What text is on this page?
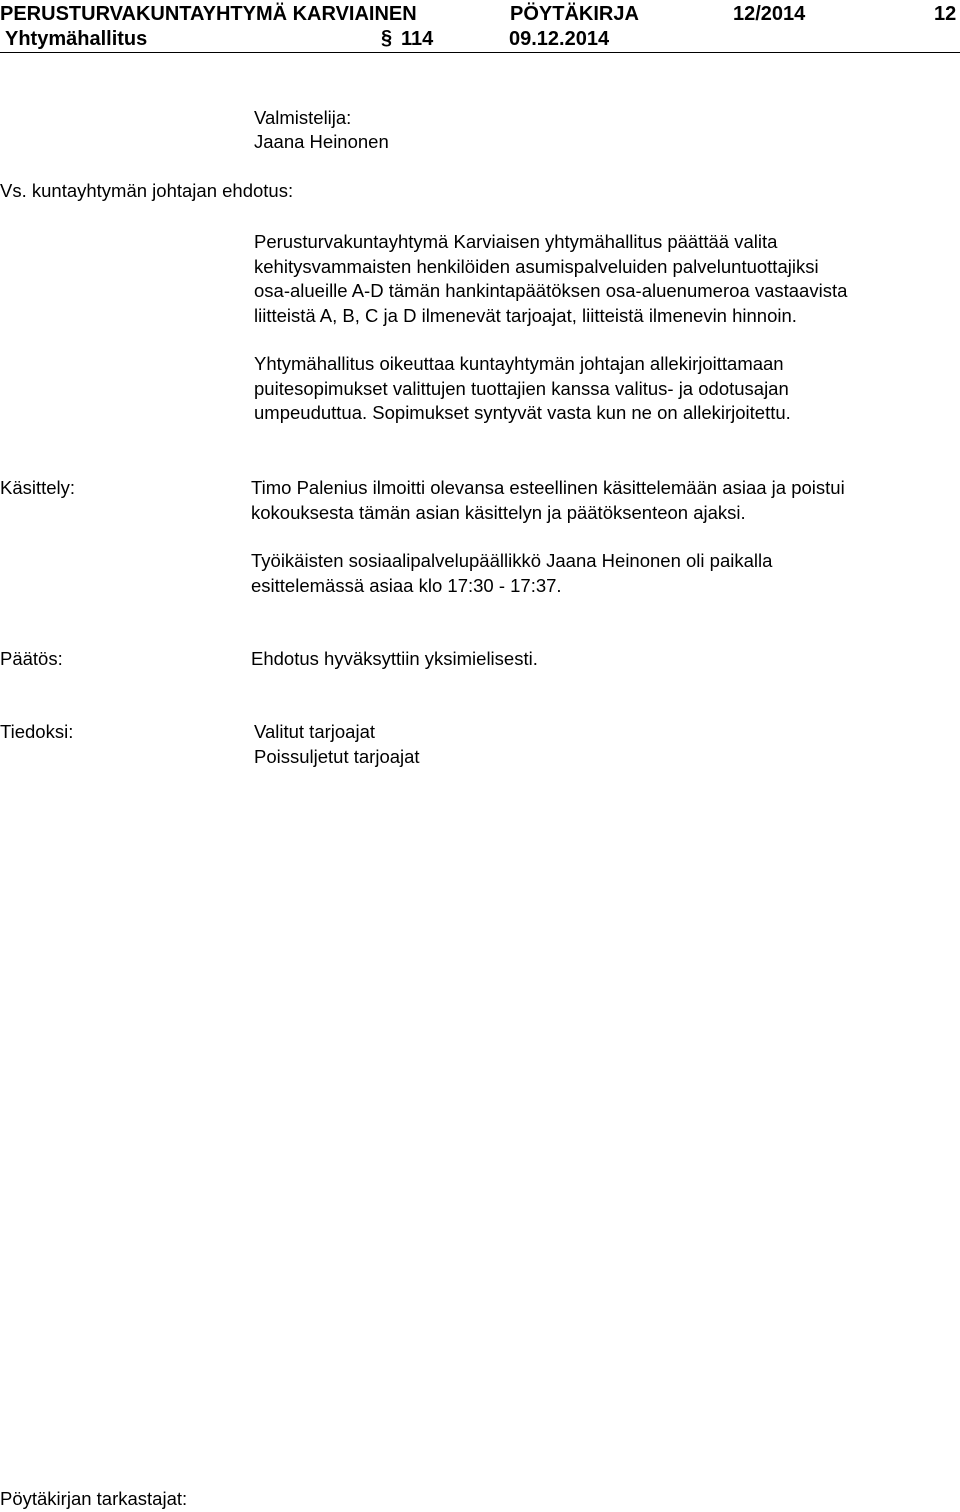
PERUSTURVAKUNTAYHTYMÄ KARVIAINEN	PÖYTÄKIRJA	12/2014	12
Yhtymähallitus	§ 114	09.12.2014
Valmistelija:
Jaana Heinonen
Vs. kuntayhtymän johtajan ehdotus:
Perusturvakuntayhtymä Karviaisen yhtymähallitus päättää valita
kehitysvammaisten henkilöiden asumispalveluiden palveluntuottajiksi
osa-alueille A-D tämän hankintapäätöksen osa-aluenumeroa vastaavista
liitteistä A, B, C ja D ilmenevät tarjoajat, liitteistä ilmenevin hinnoin.
Yhtymähallitus oikeuttaa kuntayhtymän johtajan allekirjoittamaan
puitesopimukset valittujen tuottajien kanssa valitus- ja odotusajan
umpeuduttua. Sopimukset syntyvät vasta kun ne on allekirjoitettu.
Käsittely:	Timo Palenius ilmoitti olevansa esteellinen käsittelemään asiaa ja poistui
kokouksesta tämän asian käsittelyn ja päätöksenteon ajaksi.
Työikäisten sosiaalipalvelupäällikkö Jaana Heinonen oli paikalla
esittelemässä asiaa klo 17:30 - 17:37.
Päätös:	Ehdotus hyväksyttiin yksimielisesti.
Tiedoksi:	Valitut tarjoajat
Poissuljetut tarjoajat
Pöytäkirjan tarkastajat:
